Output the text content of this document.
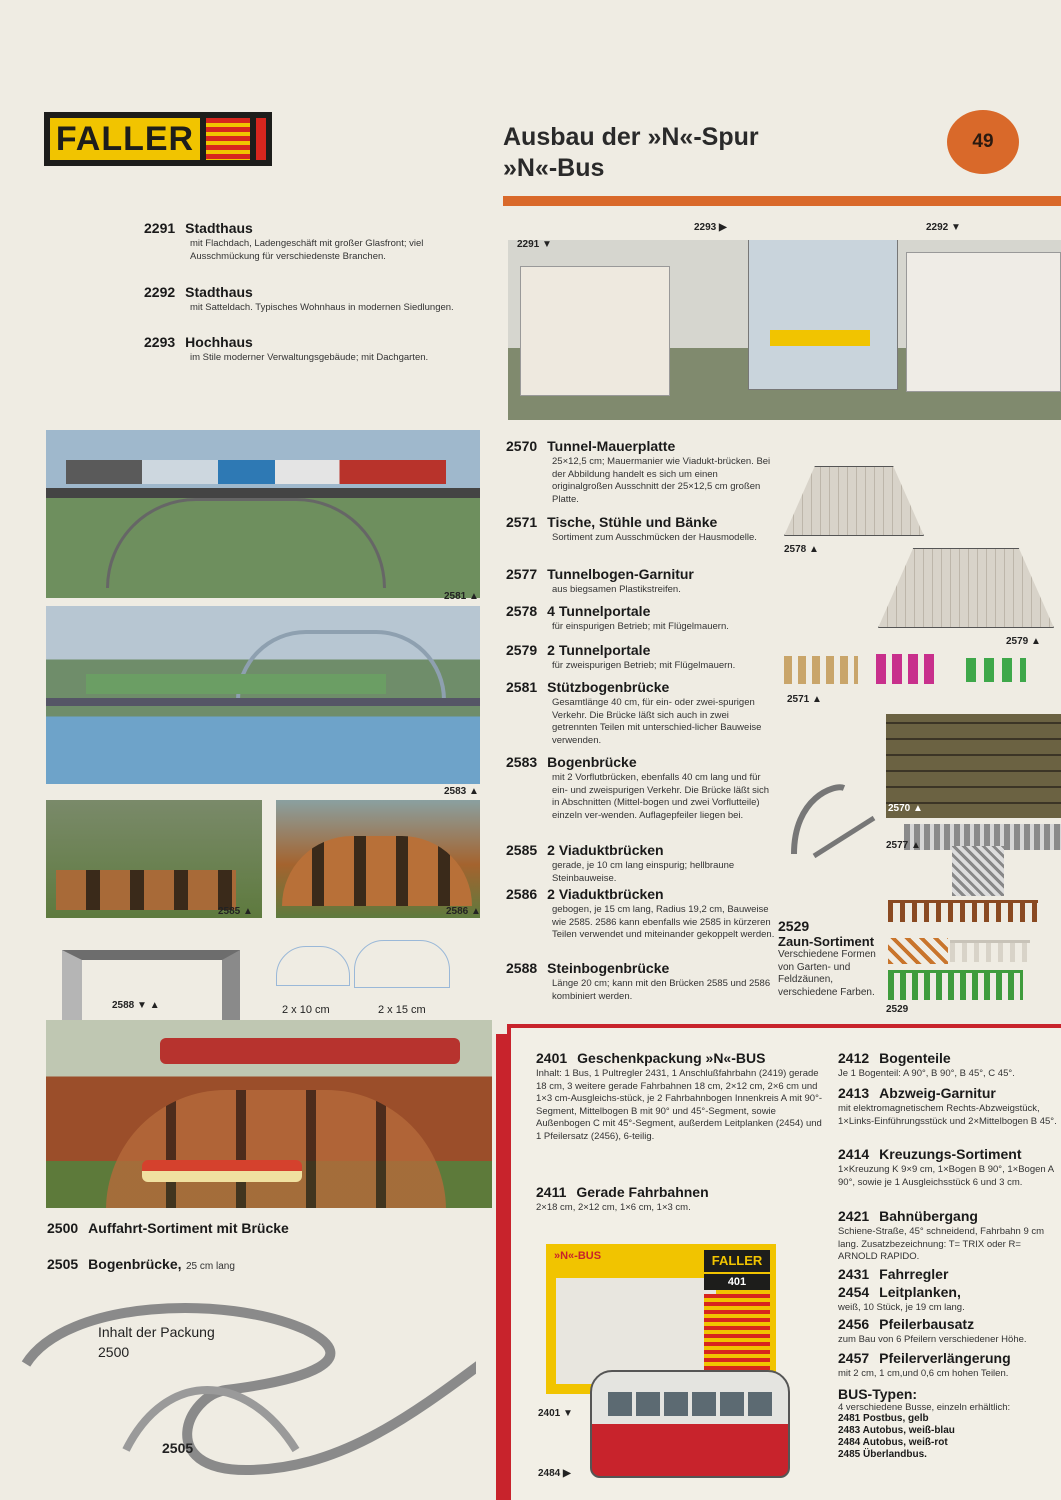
FALLER	Ausbau der »N«-Spur
»N«-Bus
49
2291 Stadthaus
mit Flachdach, Ladengeschäft mit großer Glasfront; viel Ausschmückung für verschiedenste Branchen.
2292 Stadthaus
mit Satteldach. Typisches Wohnhaus in modernen Siedlungen.
2293 Hochhaus
im Stile moderner Verwaltungsgebäude; mit Dachgarten.
2291 ▼
2293 ▶	2292 ▼
2581 ▲
2583 ▲
2585 ▲	2586 ▲
2588 ▼ ▲	2 x 10 cm	2 x 15 cm
2500 Auffahrt-Sortiment mit Brücke
2505 Bogenbrücke, 25 cm lang
Inhalt der Packung 2500
2505
2570 Tunnel-Mauerplatte
25×12,5 cm; Mauermanier wie Viadukt-brücken. Bei der Abbildung handelt es sich um einen originalgroßen Ausschnitt der 25×12,5 cm großen Platte.
2571 Tische, Stühle und Bänke
Sortiment zum Ausschmücken der Hausmodelle.
2577 Tunnelbogen-Garnitur
aus biegsamen Plastikstreifen.
2578 4 Tunnelportale
für einspurigen Betrieb; mit Flügelmauern.
2579 2 Tunnelportale
für zweispurigen Betrieb; mit Flügelmauern.
2581 Stützbogenbrücke
Gesamtlänge 40 cm, für ein- oder zwei-spurigen Verkehr. Die Brücke läßt sich auch in zwei getrennten Teilen mit unterschied-licher Bauweise verwenden.
2583 Bogenbrücke
mit 2 Vorflutbrücken, ebenfalls 40 cm lang und für ein- und zweispurigen Verkehr. Die Brücke läßt sich in Abschnitten (Mittel-bogen und zwei Vorflutteile) einzeln ver-wenden. Auflagepfeiler liegen bei.
2585 2 Viaduktbrücken
gerade, je 10 cm lang einspurig; hellbraune Steinbauweise.
2586 2 Viaduktbrücken
gebogen, je 15 cm lang, Radius 19,2 cm, Bauweise wie 2585. 2586 kann ebenfalls wie 2585 in kürzeren Teilen verwendet und miteinander gekoppelt werden.
2588 Steinbogenbrücke
Länge 20 cm; kann mit den Brücken 2585 und 2586 kombiniert werden.
2578 ▲
2579 ▲
2571 ▲
2570 ▲
2577 ▲
2529
Zaun-Sortiment
Verschiedene Formen von Garten- und Feldzäunen, verschiedene Farben.
2529
2401 Geschenkpackung »N«-BUS
Inhalt: 1 Bus, 1 Pultregler 2431, 1 Anschlußfahrbahn (2419) gerade 18 cm, 3 weitere gerade Fahrbahnen 18 cm, 2×12 cm, 2×6 cm und 1×3 cm-Ausgleichs-stück, je 2 Fahrbahnbogen Innenkreis A mit 90°-Segment, Mittelbogen B mit 90° und 45°-Segment, sowie Außenbogen C mit 45°-Segment, außerdem Leitplanken (2454) und 1 Pfeilersatz (2456), 6-teilig.
2411 Gerade Fahrbahnen
2×18 cm, 2×12 cm, 1×6 cm, 1×3 cm.
»N«-BUS	FALLER
401
2401 ▼
2484 ▶
2412 Bogenteile
Je 1 Bogenteil: A 90°, B 90°, B 45°, C 45°.
2413 Abzweig-Garnitur
mit elektromagnetischem Rechts-Abzweigstück, 1×Links-Einführungsstück und 2×Mittelbogen B 45°.
2414 Kreuzungs-Sortiment
1×Kreuzung K 9×9 cm, 1×Bogen B 90°, 1×Bogen A 90°, sowie je 1 Ausgleichsstück 6 und 3 cm.
2421 Bahnübergang
Schiene-Straße, 45° schneidend, Fahrbahn 9 cm lang. Zusatzbezeichnung: T= TRIX oder R= ARNOLD RAPIDO.
2431 Fahrregler
2454 Leitplanken,
weiß, 10 Stück, je 19 cm lang.
2456 Pfeilerbausatz
zum Bau von 6 Pfeilern verschiedener Höhe.
2457 Pfeilerverlängerung
mit 2 cm, 1 cm,und 0,6 cm hohen Teilen.
BUS-Typen:
4 verschiedene Busse, einzeln erhältlich:
2481 Postbus, gelb
2483 Autobus, weiß-blau
2484 Autobus, weiß-rot
2485 Überlandbus.
